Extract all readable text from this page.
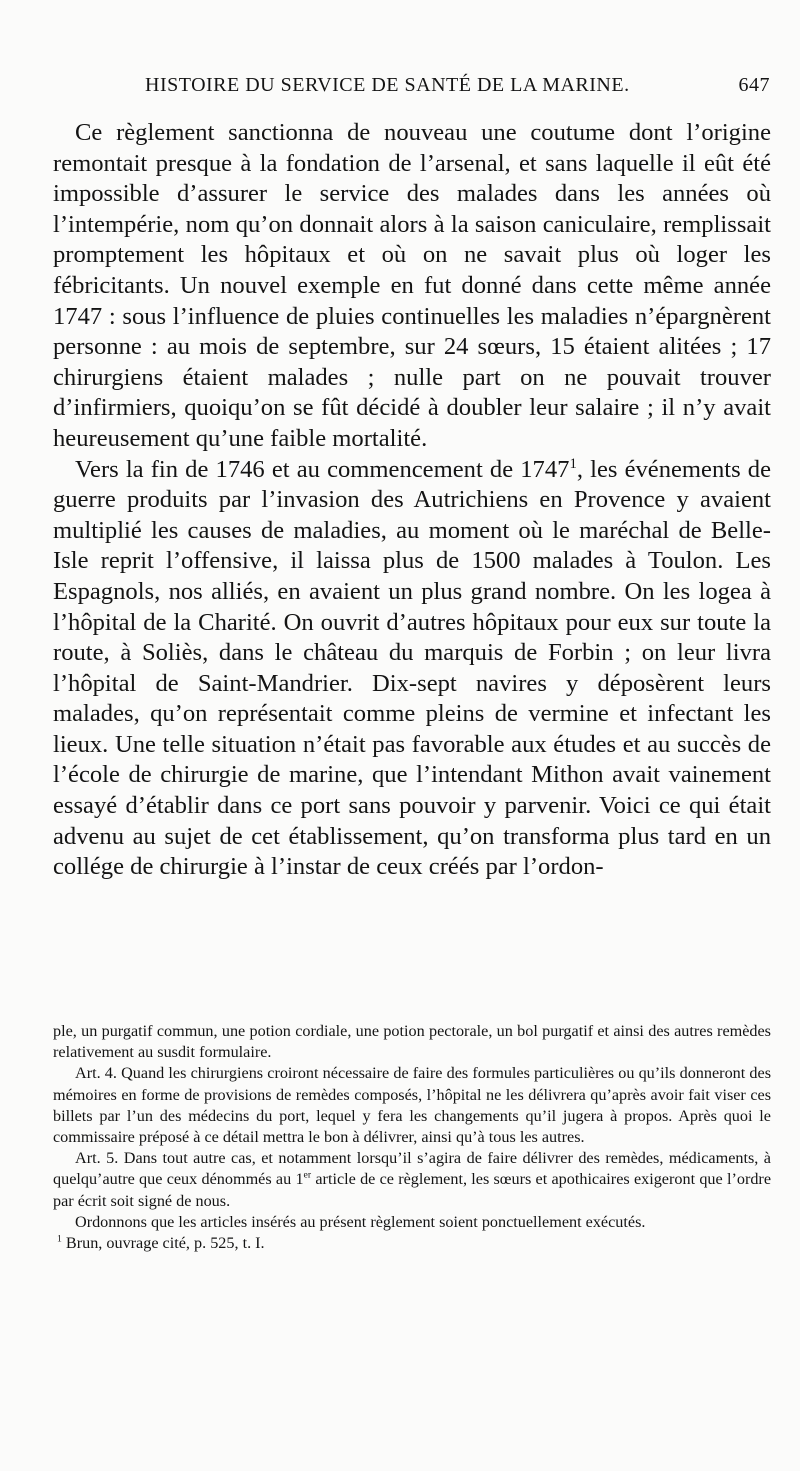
HISTOIRE DU SERVICE DE SANTÉ DE LA MARINE.	647

Ce règlement sanctionna de nouveau une coutume dont l’origine remontait presque à la fondation de l’arsenal, et sans laquelle il eût été impossible d’assurer le service des malades dans les années où l’intempérie, nom qu’on donnait alors à la saison caniculaire, remplissait promptement les hôpitaux et où on ne savait plus où loger les fébricitants. Un nouvel exemple en fut donné dans cette même année 1747 : sous l’influence de pluies continuelles les maladies n’épargnèrent personne : au mois de septembre, sur 24 sœurs, 15 étaient alitées ; 17 chirurgiens étaient malades ; nulle part on ne pouvait trouver d’infirmiers, quoiqu’on se fût décidé à doubler leur salaire ; il n’y avait heureusement qu’une faible mortalité.

Vers la fin de 1746 et au commencement de 1747$^1$, les événements de guerre produits par l’invasion des Autrichiens en Provence y avaient multiplié les causes de maladies, au moment où le maréchal de Belle-Isle reprit l’offensive, il laissa plus de 1500 malades à Toulon. Les Espagnols, nos alliés, en avaient un plus grand nombre. On les logea à l’hôpital de la Charité. On ouvrit d’autres hôpitaux pour eux sur toute la route, à Soliès, dans le château du marquis de Forbin ; on leur livra l’hôpital de Saint-Mandrier. Dix-sept navires y déposèrent leurs malades, qu’on représentait comme pleins de vermine et infectant les lieux. Une telle situation n’était pas favorable aux études et au succès de l’école de chirurgie de marine, que l’intendant Mithon avait vainement essayé d’établir dans ce port sans pouvoir y parvenir. Voici ce qui était advenu au sujet de cet établissement, qu’on transforma plus tard en un collége de chirurgie à l’instar de ceux créés par l’ordon-

ple, un purgatif commun, une potion cordiale, une potion pectorale, un bol purgatif et ainsi des autres remèdes relativement au susdit formulaire.

Art. 4. Quand les chirurgiens croiront nécessaire de faire des formules particulières ou qu’ils donneront des mémoires en forme de provisions de remèdes composés, l’hôpital ne les délivrera qu’après avoir fait viser ces billets par l’un des médecins du port, lequel y fera les changements qu’il jugera à propos. Après quoi le commissaire préposé à ce détail mettra le bon à délivrer, ainsi qu’à tous les autres.

Art. 5. Dans tout autre cas, et notamment lorsqu’il s’agira de faire délivrer des remèdes, médicaments, à quelqu’autre que ceux dénommés au 1er article de ce règlement, les sœurs et apothicaires exigeront que l’ordre par écrit soit signé de nous.

Ordonnons que les articles insérés au présent règlement soient ponctuellement exécutés.

$^1$ Brun, ouvrage cité, p. 525, t. I.
